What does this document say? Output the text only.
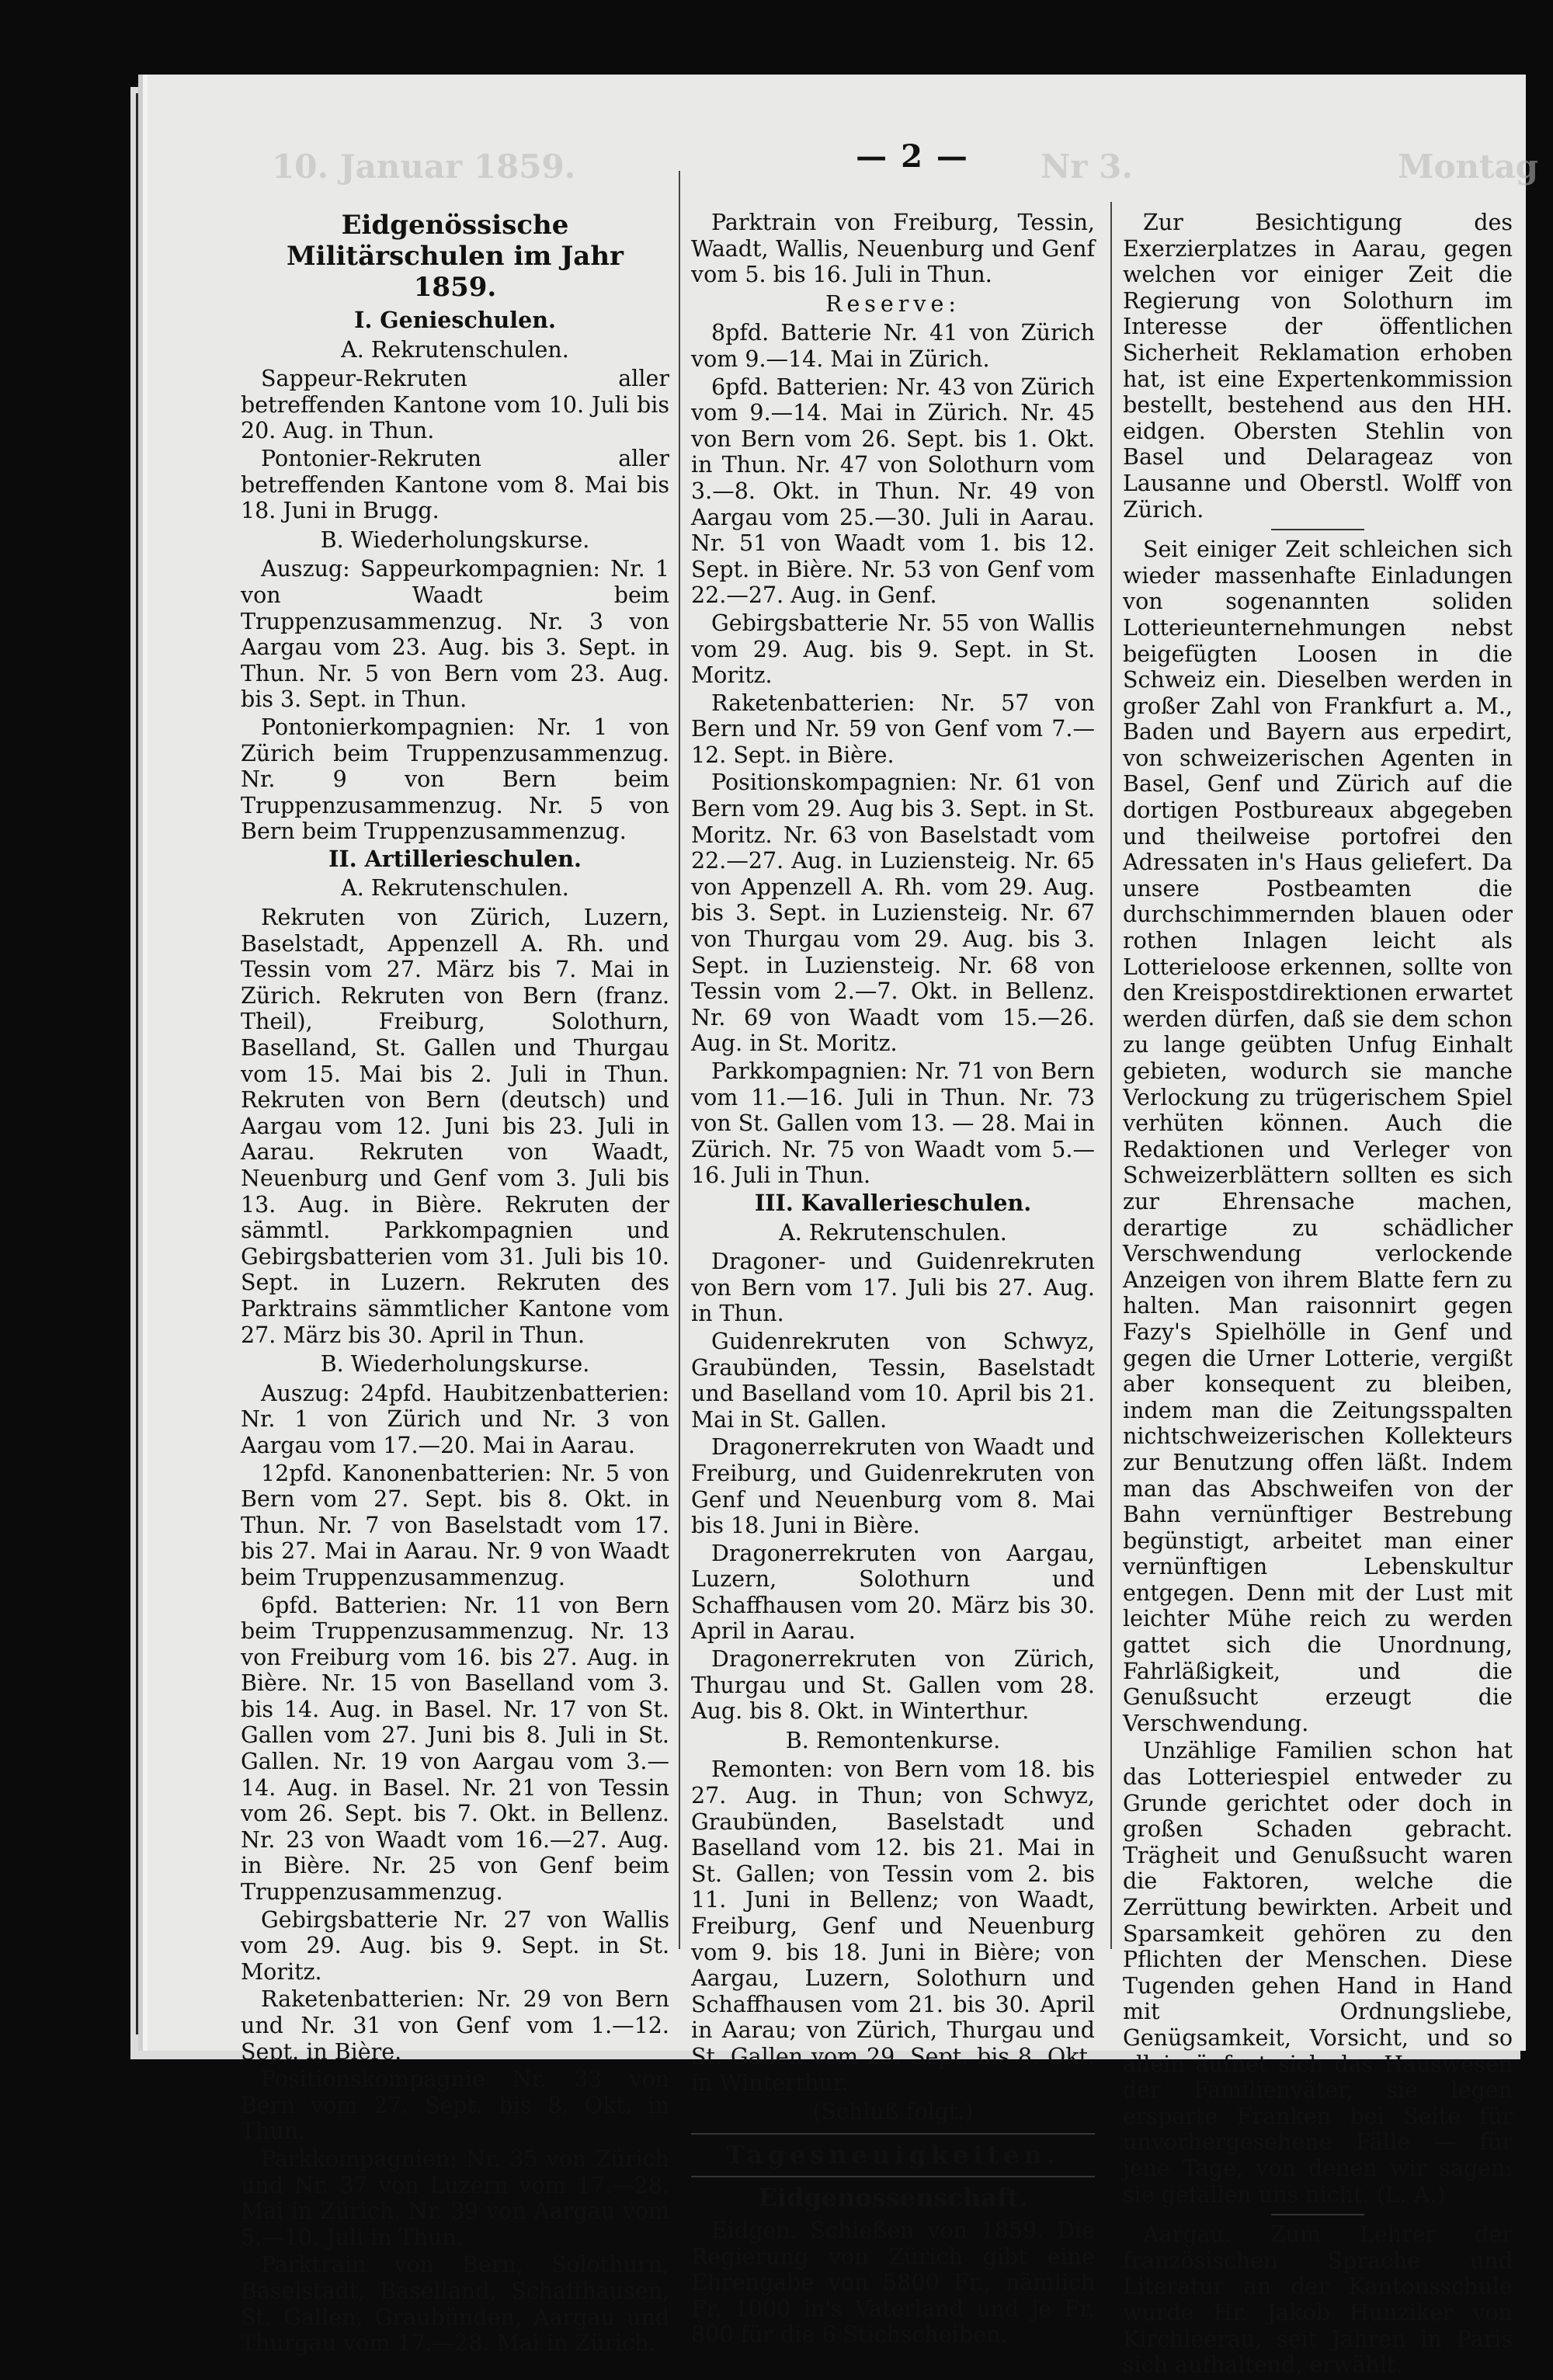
10. Januar 1859.	Nr 3.	Montag
— 2 —
Eidgenössische Militärschulen im Jahr 1859.
I. Genieschulen.
A. Rekrutenschulen.

Sappeur-Rekruten aller betreffenden Kantone vom 10. Juli bis 20. Aug. in Thun.

Pontonier-Rekruten aller betreffenden Kantone vom 8. Mai bis 18. Juni in Brugg.

B. Wiederholungskurse.

Auszug: Sappeurkompagnien: Nr. 1 von Waadt beim Truppenzusammenzug. Nr. 3 von Aargau vom 23. Aug. bis 3. Sept. in Thun. Nr. 5 von Bern vom 23. Aug. bis 3. Sept. in Thun.

Pontonierkompagnien: Nr. 1 von Zürich beim Truppenzusammenzug. Nr. 9 von Bern beim Truppenzusammenzug. Nr. 5 von Bern beim Truppenzusammenzug.

II. Artillerieschulen.
A. Rekrutenschulen.

Rekruten von Zürich, Luzern, Baselstadt, Appenzell A. Rh. und Tessin vom 27. März bis 7. Mai in Zürich. Rekruten von Bern (franz. Theil), Freiburg, Solothurn, Baselland, St. Gallen und Thurgau vom 15. Mai bis 2. Juli in Thun. Rekruten von Bern (deutsch) und Aargau vom 12. Juni bis 23. Juli in Aarau. Rekruten von Waadt, Neuenburg und Genf vom 3. Juli bis 13. Aug. in Bière. Rekruten der sämmtl. Parkkompagnien und Gebirgsbatterien vom 31. Juli bis 10. Sept. in Luzern. Rekruten des Parktrains sämmtlicher Kantone vom 27. März bis 30. April in Thun.

B. Wiederholungskurse.

Auszug: 24pfd. Haubitzenbatterien: Nr. 1 von Zürich und Nr. 3 von Aargau vom 17.—20. Mai in Aarau.

12pfd. Kanonenbatterien: Nr. 5 von Bern vom 27. Sept. bis 8. Okt. in Thun. Nr. 7 von Baselstadt vom 17. bis 27. Mai in Aarau. Nr. 9 von Waadt beim Truppenzusammenzug.

6pfd. Batterien: Nr. 11 von Bern beim Truppenzusammenzug. Nr. 13 von Freiburg vom 16. bis 27. Aug. in Bière. Nr. 15 von Baselland vom 3. bis 14. Aug. in Basel. Nr. 17 von St. Gallen vom 27. Juni bis 8. Juli in St. Gallen. Nr. 19 von Aargau vom 3.—14. Aug. in Basel. Nr. 21 von Tessin vom 26. Sept. bis 7. Okt. in Bellenz. Nr. 23 von Waadt vom 16.—27. Aug. in Bière. Nr. 25 von Genf beim Truppenzusammenzug.

Gebirgsbatterie Nr. 27 von Wallis vom 29. Aug. bis 9. Sept. in St. Moritz.

Raketenbatterien: Nr. 29 von Bern und Nr. 31 von Genf vom 1.—12. Sept. in Bière.

Positionskompagnie Nr. 33 von Bern vom 27. Sept. bis 8. Okt. in Thun.

Parkkompagnien: Nr. 35 von Zürich und Nr. 37 von Luzern vom 17.—28. Mai in Zürich. Nr. 39 von Aargau vom 5.—10. Juli in Thun.

Parktrain von Bern, Solothurn, Baselstadt, Baselland, Schaffhausen, St. Gallen, Graubünden, Aargau und Thurgau vom 17.—28. Mai in Zürich.

Parktrain von Freiburg, Tessin, Waadt, Wallis, Neuenburg und Genf vom 5. bis 16. Juli in Thun.

Reserve:

8pfd. Batterie Nr. 41 von Zürich vom 9.—14. Mai in Zürich.

6pfd. Batterien: Nr. 43 von Zürich vom 9.—14. Mai in Zürich. Nr. 45 von Bern vom 26. Sept. bis 1. Okt. in Thun. Nr. 47 von Solothurn vom 3.—8. Okt. in Thun. Nr. 49 von Aargau vom 25.—30. Juli in Aarau. Nr. 51 von Waadt vom 1. bis 12. Sept. in Bière. Nr. 53 von Genf vom 22.—27. Aug. in Genf.

Gebirgsbatterie Nr. 55 von Wallis vom 29. Aug. bis 9. Sept. in St. Moritz.

Raketenbatterien: Nr. 57 von Bern und Nr. 59 von Genf vom 7.—12. Sept. in Bière.

Positionskompagnien: Nr. 61 von Bern vom 29. Aug bis 3. Sept. in St. Moritz. Nr. 63 von Baselstadt vom 22.—27. Aug. in Luziensteig. Nr. 65 von Appenzell A. Rh. vom 29. Aug. bis 3. Sept. in Luziensteig. Nr. 67 von Thurgau vom 29. Aug. bis 3. Sept. in Luziensteig. Nr. 68 von Tessin vom 2.—7. Okt. in Bellenz. Nr. 69 von Waadt vom 15.—26. Aug. in St. Moritz.

Parkkompagnien: Nr. 71 von Bern vom 11.—16. Juli in Thun. Nr. 73 von St. Gallen vom 13. — 28. Mai in Zürich. Nr. 75 von Waadt vom 5.—16. Juli in Thun.

III. Kavallerieschulen.
A. Rekrutenschulen.

Dragoner- und Guidenrekruten von Bern vom 17. Juli bis 27. Aug. in Thun.

Guidenrekruten von Schwyz, Graubünden, Tessin, Baselstadt und Baselland vom 10. April bis 21. Mai in St. Gallen.

Dragonerrekruten von Waadt und Freiburg, und Guidenrekruten von Genf und Neuenburg vom 8. Mai bis 18. Juni in Bière.

Dragonerrekruten von Aargau, Luzern, Solothurn und Schaffhausen vom 20. März bis 30. April in Aarau.

Dragonerrekruten von Zürich, Thurgau und St. Gallen vom 28. Aug. bis 8. Okt. in Winterthur.

B. Remontenkurse.

Remonten: von Bern vom 18. bis 27. Aug. in Thun; von Schwyz, Graubünden, Baselstadt und Baselland vom 12. bis 21. Mai in St. Gallen; von Tessin vom 2. bis 11. Juni in Bellenz; von Waadt, Freiburg, Genf und Neuenburg vom 9. bis 18. Juni in Bière; von Aargau, Luzern, Solothurn und Schaffhausen vom 21. bis 30. April in Aarau; von Zürich, Thurgau und St. Gallen vom 29. Sept. bis 8. Okt. in Winterthur.

(Schluß folgt.)
Tagesneuigkeiten.
Eidgenossenschaft.

Eidgen. Schießen von 1859. Die Regierung von Zürich gibt eine Ehrengabe von 5800 Fr., nämlich Fr. 1000 in's Vaterland und je Fr. 800 für die 6 Stichscheiben.

Zur Besichtigung des Exerzierplatzes in Aarau, gegen welchen vor einiger Zeit die Regierung von Solothurn im Interesse der öffentlichen Sicherheit Reklamation erhoben hat, ist eine Expertenkommission bestellt, bestehend aus den HH. eidgen. Obersten Stehlin von Basel und Delarageaz von Lausanne und Oberstl. Wolff von Zürich.

Seit einiger Zeit schleichen sich wieder massenhafte Einladungen von sogenannten soliden Lotterieunternehmungen nebst beigefügten Loosen in die Schweiz ein. Dieselben werden in großer Zahl von Frankfurt a. M., Baden und Bayern aus erpedirt, von schweizerischen Agenten in Basel, Genf und Zürich auf die dortigen Postbureaux abgegeben und theilweise portofrei den Adressaten in's Haus geliefert. Da unsere Postbeamten die durchschimmernden blauen oder rothen Inlagen leicht als Lotterieloose erkennen, sollte von den Kreispostdirektionen erwartet werden dürfen, daß sie dem schon zu lange geübten Unfug Einhalt gebieten, wodurch sie manche Verlockung zu trügerischem Spiel verhüten können. Auch die Redaktionen und Verleger von Schweizerblättern sollten es sich zur Ehrensache machen, derartige zu schädlicher Verschwendung verlockende Anzeigen von ihrem Blatte fern zu halten. Man raisonnirt gegen Fazy's Spielhölle in Genf und gegen die Urner Lotterie, vergißt aber konsequent zu bleiben, indem man die Zeitungsspalten nichtschweizerischen Kollekteurs zur Benutzung offen läßt. Indem man das Abschweifen von der Bahn vernünftiger Bestrebung begünstigt, arbeitet man einer vernünftigen Lebenskultur entgegen. Denn mit der Lust mit leichter Mühe reich zu werden gattet sich die Unordnung, Fahrläßigkeit, und die Genußsucht erzeugt die Verschwendung.

Unzählige Familien schon hat das Lotteriespiel entweder zu Grunde gerichtet oder doch in großen Schaden gebracht. Trägheit und Genußsucht waren die Faktoren, welche die Zerrüttung bewirkten. Arbeit und Sparsamkeit gehören zu den Pflichten der Menschen. Diese Tugenden gehen Hand in Hand mit Ordnungsliebe, Genügsamkeit, Vorsicht, und so allein äufnet sich das Hauswesen der Familienväter, sie legen ersparte Franken bei Seite für unvorhergesehene Fälle — für jene Tage, von denen wir sagen: sie gefallen uns nicht. (L. A.)

Aargau. Zum Lehrer der französischen Sprache und Literatur an der Kantonsschule wurde Hr. Jakob Hunziker von Kirchleerau, seit Jahren in Paris sich aufhaltend, erwählt.
